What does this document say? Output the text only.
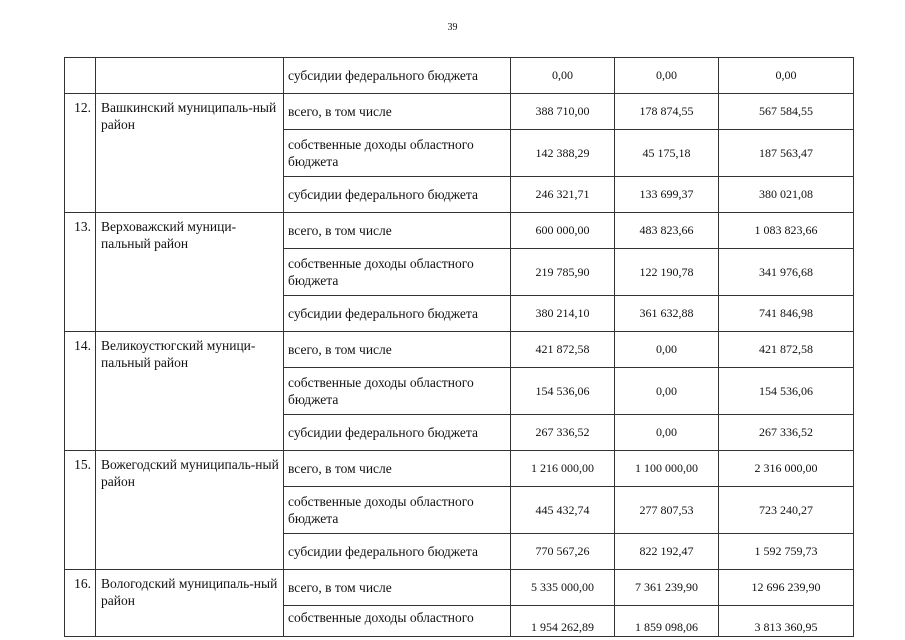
39
		субсидии федерального бюджета	0,00	0,00	0,00
12.	Вашкинский муниципаль-ный район	всего, в том числе	388 710,00	178 874,55	567 584,55
		собственные доходы областного бюджета	142 388,29	45 175,18	187 563,47
		субсидии федерального бюджета	246 321,71	133 699,37	380 021,08
13.	Верховажский муници-пальный район	всего, в том числе	600 000,00	483 823,66	1 083 823,66
		собственные доходы областного бюджета	219 785,90	122 190,78	341 976,68
		субсидии федерального бюджета	380 214,10	361 632,88	741 846,98
14.	Великоустюгский муници-пальный район	всего, в том числе	421 872,58	0,00	421 872,58
		собственные доходы областного бюджета	154 536,06	0,00	154 536,06
		субсидии федерального бюджета	267 336,52	0,00	267 336,52
15.	Вожегодский муниципаль-ный район	всего, в том числе	1 216 000,00	1 100 000,00	2 316 000,00
		собственные доходы областного бюджета	445 432,74	277 807,53	723 240,27
		субсидии федерального бюджета	770 567,26	822 192,47	1 592 759,73
16.	Вологодский муниципаль-ный район	всего, в том числе	5 335 000,00	7 361 239,90	12 696 239,90
		собственные доходы областного	1 954 262,89	1 859 098,06	3 813 360,95
